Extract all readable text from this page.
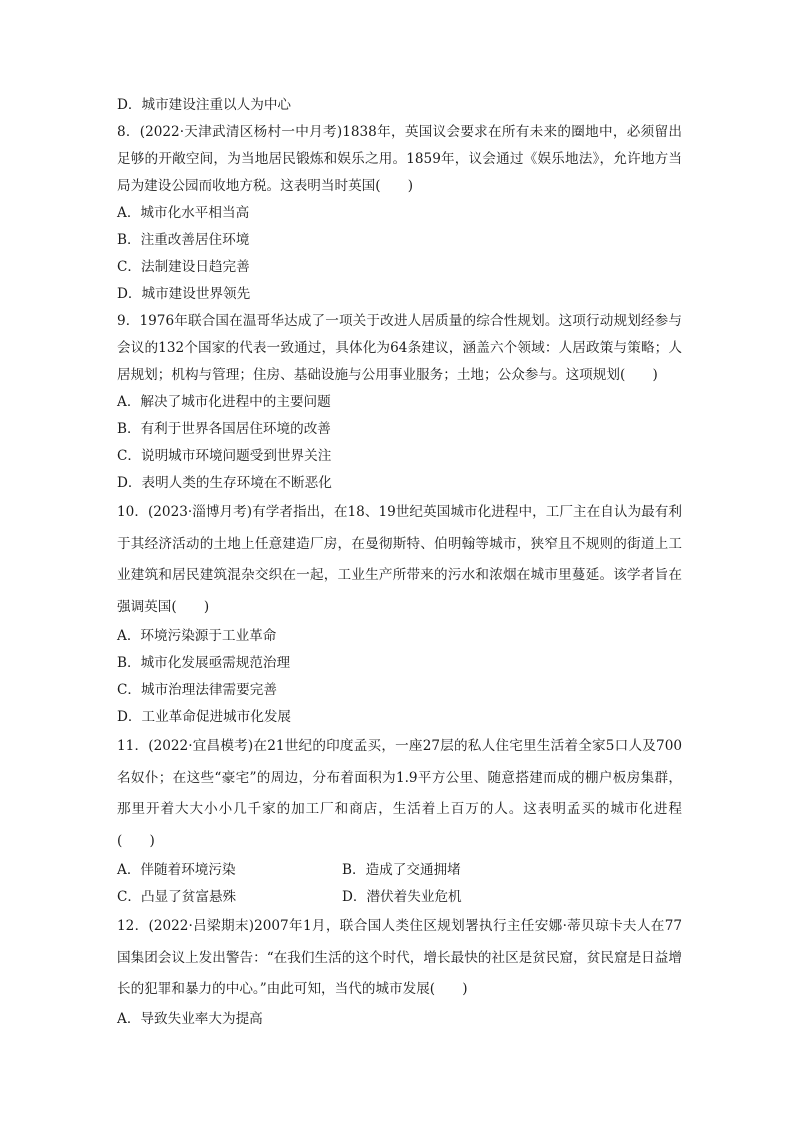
D．城市建设注重以人为中心
8．(2022·天津武清区杨村一中月考)1838年，英国议会要求在所有未来的圈地中，必须留出足够的开敞空间，为当地居民锻炼和娱乐之用。1859年，议会通过《娱乐地法》，允许地方当局为建设公园而收地方税。这表明当时英国(　　)
A．城市化水平相当高
B．注重改善居住环境
C．法制建设日趋完善
D．城市建设世界领先
9．1976年联合国在温哥华达成了一项关于改进人居质量的综合性规划。这项行动规划经参与会议的132个国家的代表一致通过，具体化为64条建议，涵盖六个领域：人居政策与策略；人居规划；机构与管理；住房、基础设施与公用事业服务；土地；公众参与。这项规划(　　)
A．解决了城市化进程中的主要问题
B．有利于世界各国居住环境的改善
C．说明城市环境问题受到世界关注
D．表明人类的生存环境在不断恶化
10．(2023·淄博月考)有学者指出，在18、19世纪英国城市化进程中，工厂主在自认为最有利于其经济活动的土地上任意建造厂房，在曼彻斯特、伯明翰等城市，狭窄且不规则的街道上工业建筑和居民建筑混杂交织在一起，工业生产所带来的污水和浓烟在城市里蔓延。该学者旨在强调英国(　　)
A．环境污染源于工业革命
B．城市化发展亟需规范治理
C．城市治理法律需要完善
D．工业革命促进城市化发展
11．(2022·宜昌模考)在21世纪的印度孟买，一座27层的私人住宅里生活着全家5口人及700名奴仆；在这些“豪宅”的周边，分布着面积为1.9平方公里、随意搭建而成的棚户板房集群，那里开着大大小小几千家的加工厂和商店，生活着上百万的人。这表明孟买的城市化进程(　　)
A．伴随着环境污染	B．造成了交通拥堵
C．凸显了贫富悬殊	D．潜伏着失业危机
12．(2022·吕梁期末)2007年1月，联合国人类住区规划署执行主任安娜·蒂贝琼卡夫人在77国集团会议上发出警告：“在我们生活的这个时代，增长最快的社区是贫民窟，贫民窟是日益增长的犯罪和暴力的中心。”由此可知，当代的城市发展(　　)
A．导致失业率大为提高
